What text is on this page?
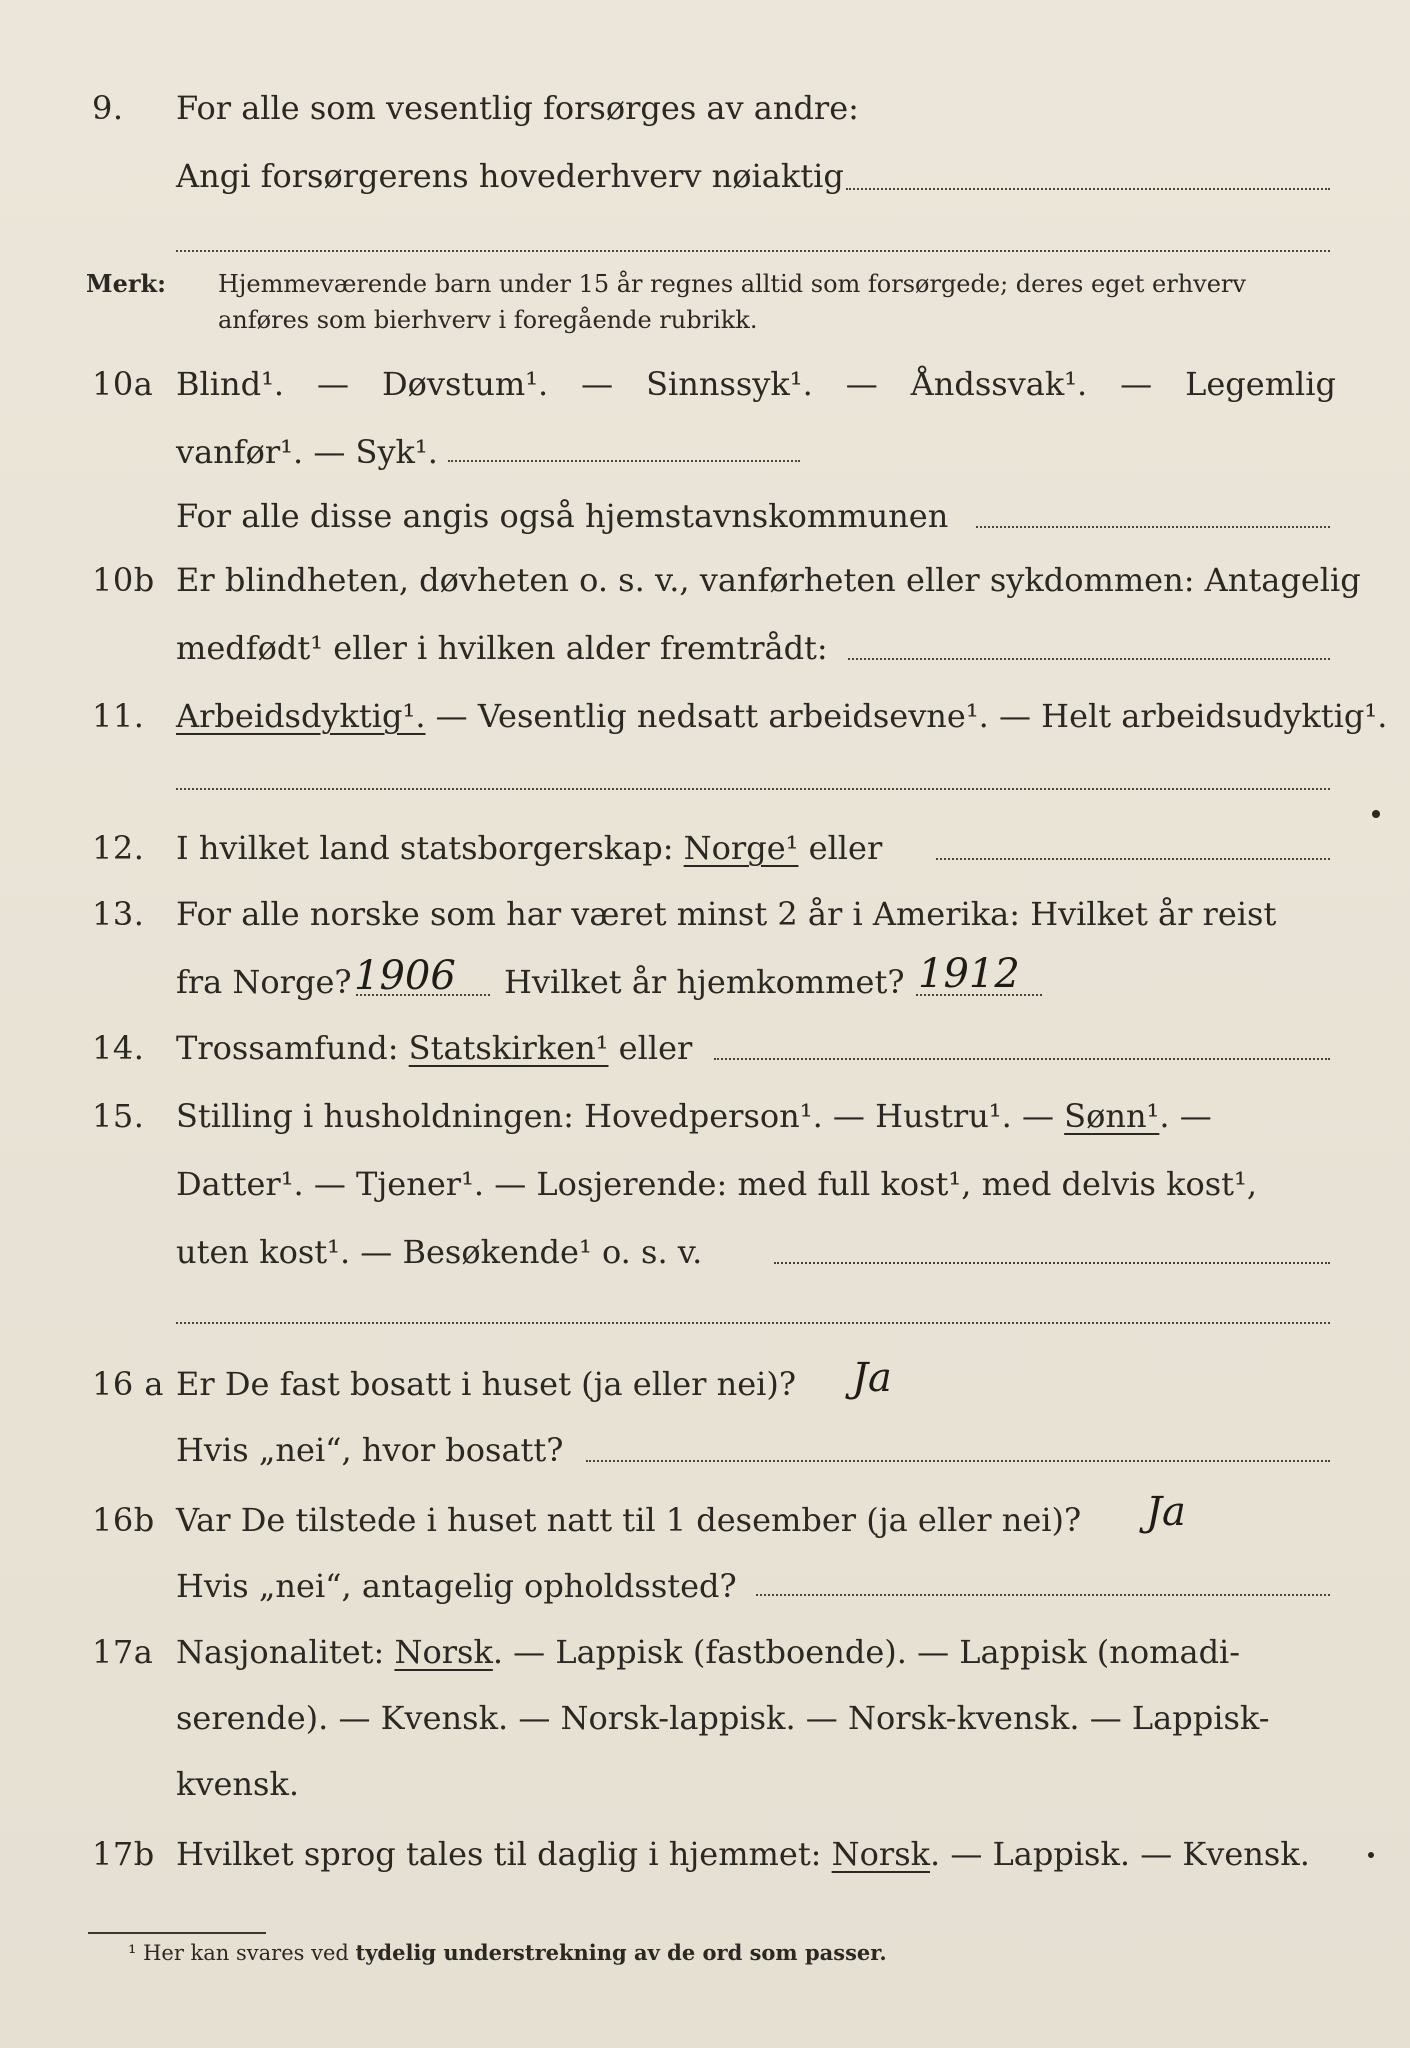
9. For alle som vesentlig forsørges av andre:
Angi forsørgerens hovederhverv nøiaktig
Merk: Hjemmeværende barn under 15 år regnes alltid som forsørgede; deres eget erhverv
anføres som bierhverv i foregående rubrikk.
10a Blind¹. — Døvstum¹. — Sinnssyk¹. — Åndssvak¹. — Legemlig
vanfør¹. — Syk¹.
For alle disse angis også hjemstavnskommunen
10b Er blindheten, døvheten o. s. v., vanførheten eller sykdommen: Antagelig
medfødt¹ eller i hvilken alder fremtrådt:
11. Arbeidsdyktig¹. — Vesentlig nedsatt arbeidsevne¹. — Helt arbeidsudyktig¹.
12. I hvilket land statsborgerskap: Norge¹ eller
13. For alle norske som har været minst 2 år i Amerika: Hvilket år reist
fra Norge? 1906 Hvilket år hjemkommet? 1912
14. Trossamfund: Statskirken¹ eller
15. Stilling i husholdningen: Hovedperson¹. — Hustru¹. — Sønn¹. —
Datter¹. — Tjener¹. — Losjerende: med full kost¹, med delvis kost¹,
uten kost¹. — Besøkende¹ o. s. v.
16 a Er De fast bosatt i huset (ja eller nei)? Ja
Hvis „nei“, hvor bosatt?
16b Var De tilstede i huset natt til 1 desember (ja eller nei)? Ja
Hvis „nei“, antagelig opholdssted?
17a Nasjonalitet: Norsk. — Lappisk (fastboende). — Lappisk (nomadi-
serende). — Kvensk. — Norsk-lappisk. — Norsk-kvensk. — Lappisk-
kvensk.
17b Hvilket sprog tales til daglig i hjemmet: Norsk. — Lappisk. — Kvensk.
¹ Her kan svares ved tydelig understrekning av de ord som passer.
